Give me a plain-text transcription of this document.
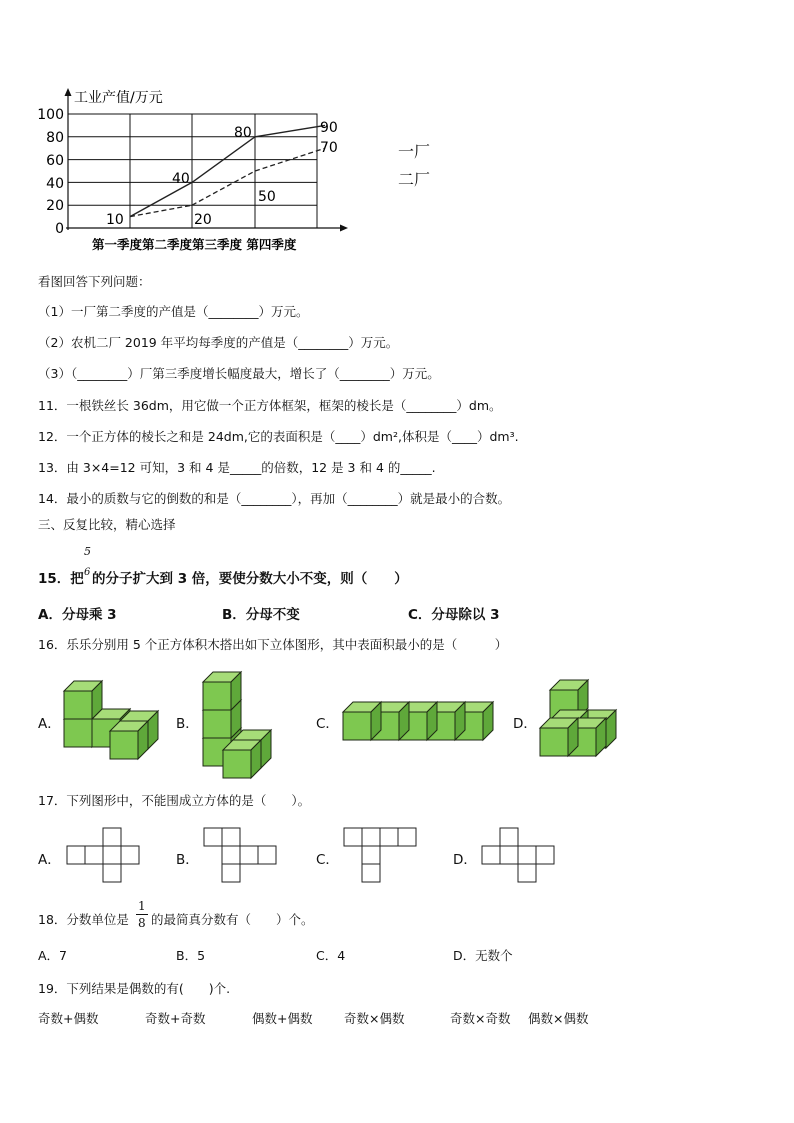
工业产值/万元
100
80
60
40
20
0
10
40
80	90
20
50
70
第一季度第二季度第三季度 第四季度
一厂
二厂
看图回答下列问题：
（1）一厂第二季度的产值是（________）万元。
（2）农机二厂 2019 年平均每季度的产值是（________）万元。
（3）（________）厂第三季度增长幅度最大，增长了（________）万元。
11．一根铁丝长 36dm，用它做一个正方体框架，框架的棱长是（________）dm。
12．一个正方体的棱长之和是 24dm,它的表面积是（____）dm²,体积是（____）dm³.
13．由 3×4=12 可知，3 和 4 是_____的倍数，12 是 3 和 4 的_____.
14．最小的质数与它的倒数的和是（________），再加（________）就是最小的合数。
三、反复比较，精心选择
5
6
15．把 的分子扩大到 3 倍，要使分数大小不变，则（　　）
A．分母乘 3	B．分母不变	C．分母除以 3
16．乐乐分别用 5 个正方体积木搭出如下立体图形，其中表面积最小的是（　　　）
A．	B．	C．	D．
17．下列图形中，不能围成立方体的是（　　）。
A．	B．	C．	D．
18．分数单位是
1
8 的最简真分数有（　　）个。
A．7	B．5	C．4	D．无数个
19．下列结果是偶数的有(　　)个.
奇数+偶数	奇数+奇数	偶数+偶数	奇数×偶数	奇数×奇数 偶数×偶数
